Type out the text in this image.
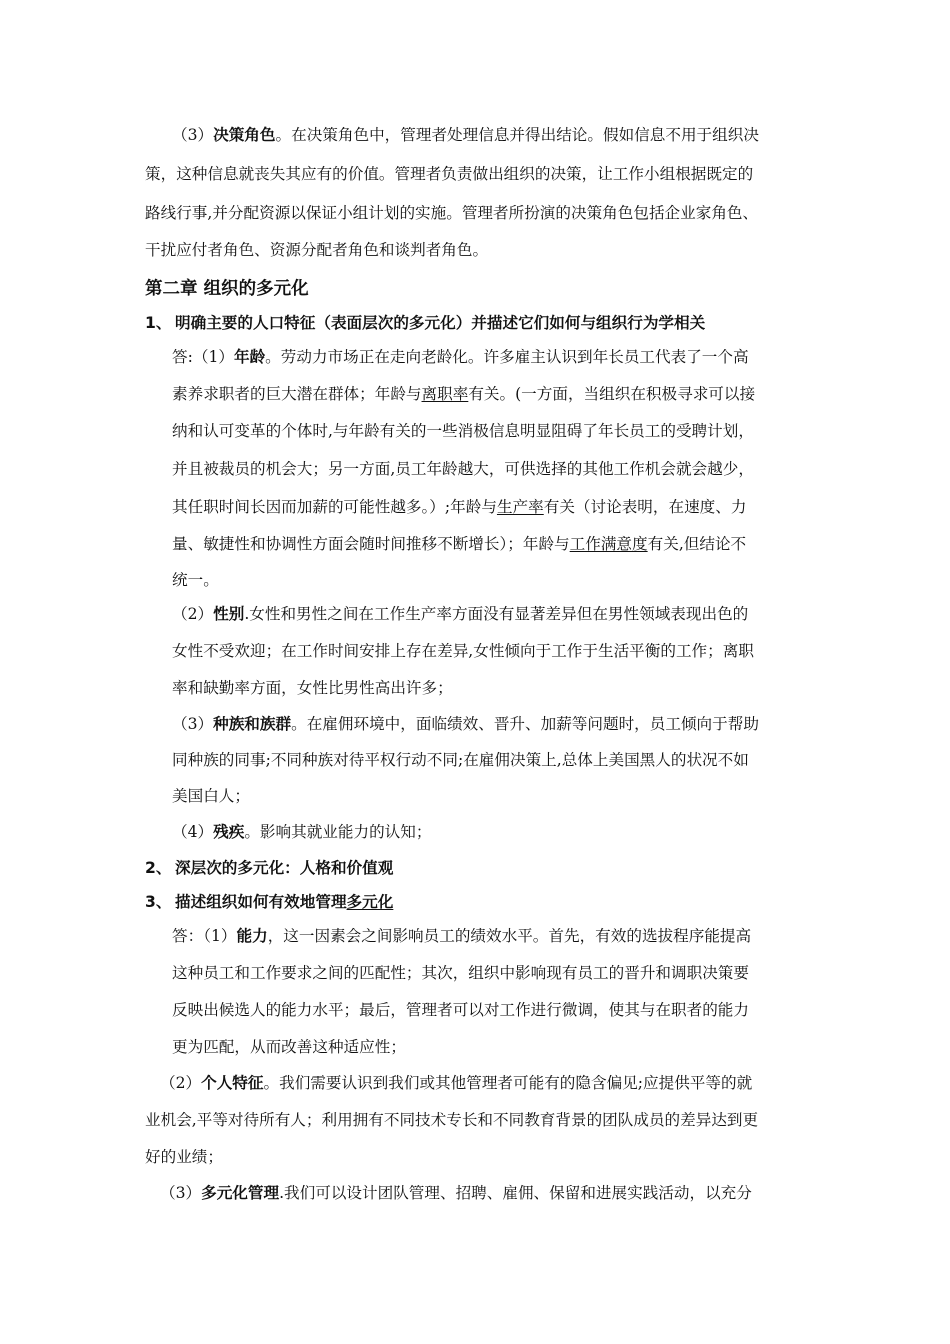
（3）决策角色。在决策角色中，管理者处理信息并得出结论。假如信息不用于组织决
策，这种信息就丧失其应有的价值。管理者负责做出组织的决策，让工作小组根据既定的
路线行事,并分配资源以保证小组计划的实施。管理者所扮演的决策角色包括企业家角色、
干扰应付者角色、资源分配者角色和谈判者角色。
第二章 组织的多元化
1、 明确主要的人口特征（表面层次的多元化）并描述它们如何与组织行为学相关
答:（1）年龄。劳动力市场正在走向老龄化。许多雇主认识到年长员工代表了一个高
素养求职者的巨大潜在群体；年龄与离职率有关。(一方面，当组织在积极寻求可以接
纳和认可变革的个体时,与年龄有关的一些消极信息明显阻碍了年长员工的受聘计划，
并且被裁员的机会大；另一方面,员工年龄越大，可供选择的其他工作机会就会越少，
其任职时间长因而加薪的可能性越多。）;年龄与生产率有关（讨论表明，在速度、力
量、敏捷性和协调性方面会随时间推移不断增长）；年龄与工作满意度有关,但结论不
统一。
（2）性别.女性和男性之间在工作生产率方面没有显著差异但在男性领域表现出色的
女性不受欢迎；在工作时间安排上存在差异,女性倾向于工作于生活平衡的工作；离职
率和缺勤率方面，女性比男性高出许多；
（3）种族和族群。在雇佣环境中，面临绩效、晋升、加薪等问题时，员工倾向于帮助
同种族的同事;不同种族对待平权行动不同;在雇佣决策上,总体上美国黑人的状况不如
美国白人；
（4）残疾。影响其就业能力的认知；
2、 深层次的多元化：人格和价值观
3、 描述组织如何有效地管理多元化
答：（1）能力，这一因素会之间影响员工的绩效水平。首先，有效的选拔程序能提高
这种员工和工作要求之间的匹配性；其次，组织中影响现有员工的晋升和调职决策要
反映出候选人的能力水平；最后，管理者可以对工作进行微调，使其与在职者的能力
更为匹配，从而改善这种适应性；
（2）个人特征。我们需要认识到我们或其他管理者可能有的隐含偏见;应提供平等的就
业机会,平等对待所有人；利用拥有不同技术专长和不同教育背景的团队成员的差异达到更
好的业绩；
（3）多元化管理.我们可以设计团队管理、招聘、雇佣、保留和进展实践活动，以充分
